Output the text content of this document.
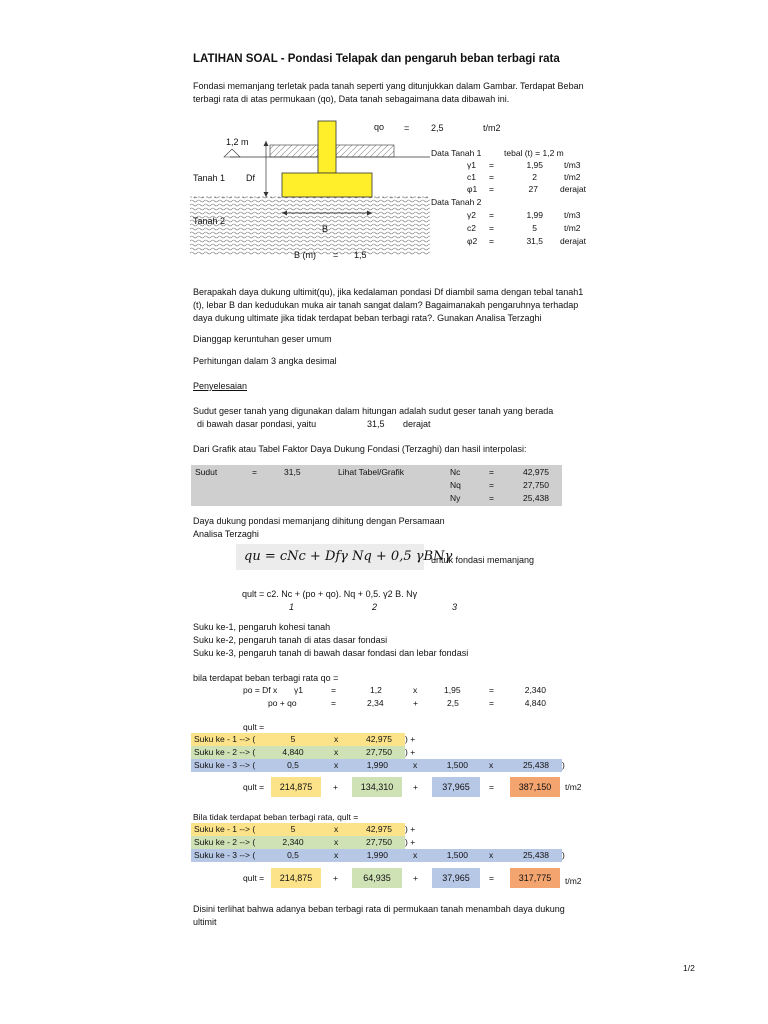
LATIHAN SOAL - Pondasi Telapak dan pengaruh beban terbagi rata
Fondasi memanjang terletak pada tanah seperti yang ditunjukkan dalam Gambar. Terdapat Beban
terbagi rata di atas permukaan (qo), Data tanah sebagaimana data dibawah ini.
qo = 2,5	t/m2
1,2 m
Df
Tanah 1
Tanah 2
B
B (m) = 1,5
Data Tanah 1	tebal (t) = 1,2 m
γ1 =	1,95 t/m3
c1 =	2	t/m2
φ1 =	27	derajat
Data Tanah 2
γ2 =	1,99 t/m3
c2 =	5	t/m2
φ2 =	31,5 derajat
Berapakah daya dukung ultimit(qu), jika kedalaman pondasi Df diambil sama dengan tebal tanah1
(t), lebar B dan kedudukan muka air tanah sangat dalam? Bagaimanakah pengaruhnya terhadap
daya dukung ultimate jika tidak terdapat beban terbagi rata?. Gunakan Analisa Terzaghi
Dianggap keruntuhan geser umum
Perhitungan dalam 3 angka desimal
Penyelesaian
Sudut geser tanah yang digunakan dalam hitungan adalah sudut geser tanah yang berada
di bawah dasar pondasi, yaitu	31,5 derajat
Dari Grafik atau Tabel Faktor Daya Dukung Fondasi (Terzaghi) dan hasil interpolasi:
Sudut	=	31,5	Lihat Tabel/Grafik	Nc	=	42,975
Nq	=	27,750
Ny	=	25,438
Daya dukung pondasi memanjang dihitung dengan Persamaan
Analisa Terzaghi
qu = cNc + Dfγ Nq + 0,5 γBNγ
untuk fondasi memanjang
qult = c2. Nc + (po + qo). Nq + 0,5. γ2 B. Nγ
1	2	3
Suku ke-1, pengaruh kohesi tanah
Suku ke-2, pengaruh tanah di atas dasar fondasi
Suku ke-3, pengaruh tanah di bawah dasar fondasi dan lebar fondasi
bila terdapat beban terbagi rata qo =
po = Df x γ1	=	1,2	x	1,95	=	2,340
po + qo	=	2,34	+	2,5	=	4,840
qult =
Suku ke - 1 --> (	5	x	42,975 ) +
Suku ke - 2 --> (	4,840	x	27,750 ) +
Suku ke - 3 --> (	0,5	x	1,990	x	1,500 x	25,438 )
qult =	214,875	+	134,310	+	37,965	=	387,150	t/m2
Bila tidak terdapat beban terbagi rata, qult =
Suku ke - 1 --> (	5	x	42,975 ) +
Suku ke - 2 --> (	2,340	x	27,750 ) +
Suku ke - 3 --> (	0,5	x	1,990	x	1,500 x	25,438 )
qult =	214,875	+	64,935	+	37,965	=	317,775	t/m2
Disini terlihat bahwa adanya beban terbagi rata di permukaan tanah menambah daya dukung
ultimit
1/2
